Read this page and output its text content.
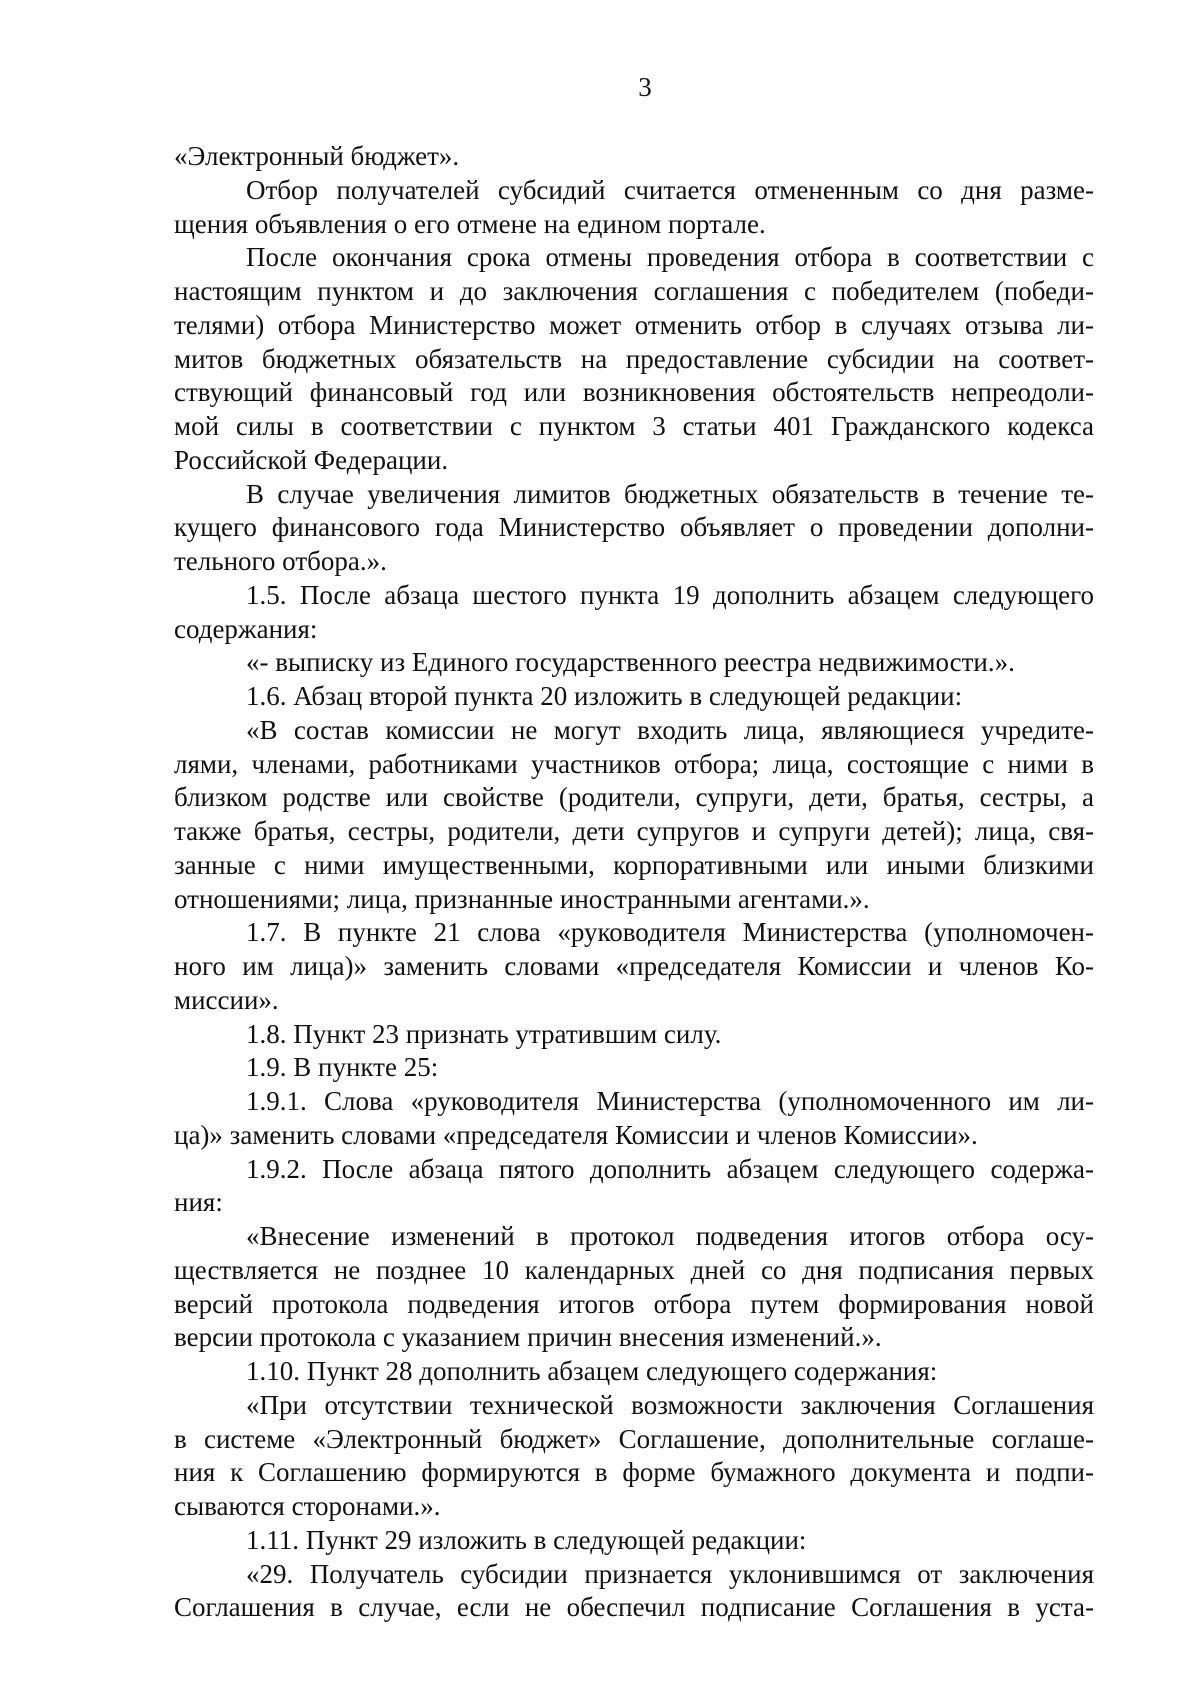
3
«Электронный бюджет».
Отбор получателей субсидий считается отмененным со дня разме-
щения объявления о его отмене на едином портале.
После окончания срока отмены проведения отбора в соответствии с
настоящим пунктом и до заключения соглашения с победителем (победи-
телями) отбора Министерство может отменить отбор в случаях отзыва ли-
митов бюджетных обязательств на предоставление субсидии на соответ-
ствующий финансовый год или возникновения обстоятельств непреодоли-
мой силы в соответствии с пунктом 3 статьи 401 Гражданского кодекса
Российской Федерации.
В случае увеличения лимитов бюджетных обязательств в течение те-
кущего финансового года Министерство объявляет о проведении дополни-
тельного отбора.».
1.5. После абзаца шестого пункта 19 дополнить абзацем следующего
содержания:
«- выписку из Единого государственного реестра недвижимости.».
1.6. Абзац второй пункта 20 изложить в следующей редакции:
«В состав комиссии не могут входить лица, являющиеся учредите-
лями, членами, работниками участников отбора; лица, состоящие с ними в
близком родстве или свойстве (родители, супруги, дети, братья, сестры, а
также братья, сестры, родители, дети супругов и супруги детей); лица, свя-
занные с ними имущественными, корпоративными или иными близкими
отношениями; лица, признанные иностранными агентами.».
1.7. В пункте 21 слова «руководителя Министерства (уполномочен-
ного им лица)» заменить словами «председателя Комиссии и членов Ко-
миссии».
1.8. Пункт 23 признать утратившим силу.
1.9. В пункте 25:
1.9.1. Слова «руководителя Министерства (уполномоченного им ли-
ца)» заменить словами «председателя Комиссии и членов Комиссии».
1.9.2. После абзаца пятого дополнить абзацем следующего содержа-
ния:
«Внесение изменений в протокол подведения итогов отбора осу-
ществляется не позднее 10 календарных дней со дня подписания первых
версий протокола подведения итогов отбора путем формирования новой
версии протокола с указанием причин внесения изменений.».
1.10. Пункт 28 дополнить абзацем следующего содержания:
«При отсутствии технической возможности заключения Соглашения
в системе «Электронный бюджет» Соглашение, дополнительные соглаше-
ния к Соглашению формируются в форме бумажного документа и подпи-
сываются сторонами.».
1.11. Пункт 29 изложить в следующей редакции:
«29. Получатель субсидии признается уклонившимся от заключения
Соглашения в случае, если не обеспечил подписание Соглашения в уста-
